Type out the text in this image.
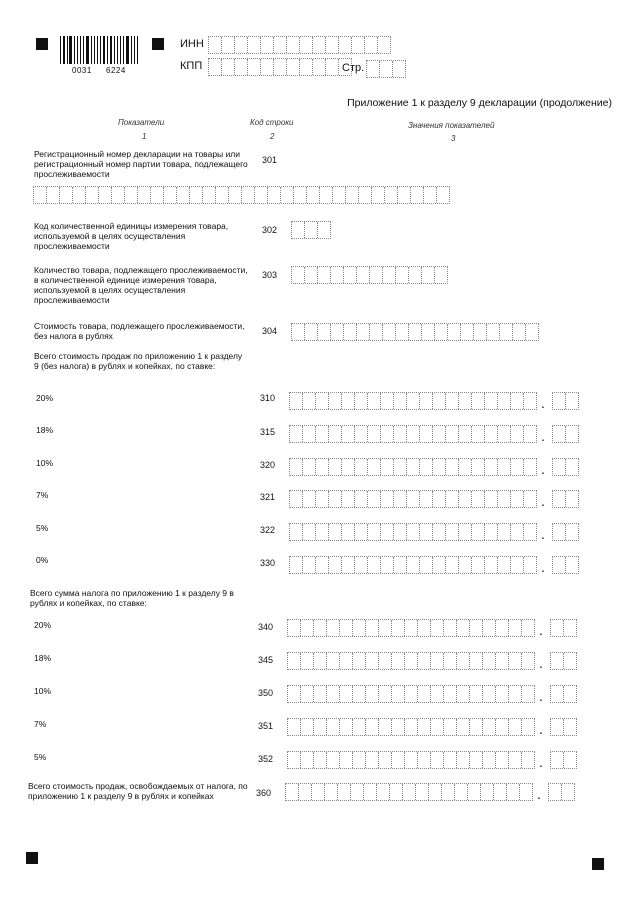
0031 6224
ИНН
КПП	Стр.
Приложение 1 к разделу 9 декларации (продолжение)
Показатели	Код строки	Значения показателей
1	2	3
Регистрационный номер декларации на товары или регистрационный номер партии товара, подлежащего прослеживаемости
301
Код количественной единицы измерения товара, используемой в целях осуществления прослеживаемости
302
Количество товара, подлежащего прослеживаемости, в количественной единице измерения товара, используемой в целях осуществления прослеживаемости
303
Стоимость товара, подлежащего прослеживаемости, без налога в рублях	304
Всего стоимость продаж по приложению 1 к разделу 9 (без налога) в рублях и копейках, по ставке:
20%	310	.
18%	315	.
10%	320	.
7%	321	.
5%	322	.
0%	330	.
Всего сумма налога по приложению 1 к разделу 9 в рублях и копейках, по ставке:
20%	340	.
18%	345	.
10%	350	.
7%	351	.
5%	352	.
Всего стоимость продаж, освобождаемых от налога, по приложению 1 к разделу 9 в рублях и копейках	360	.
